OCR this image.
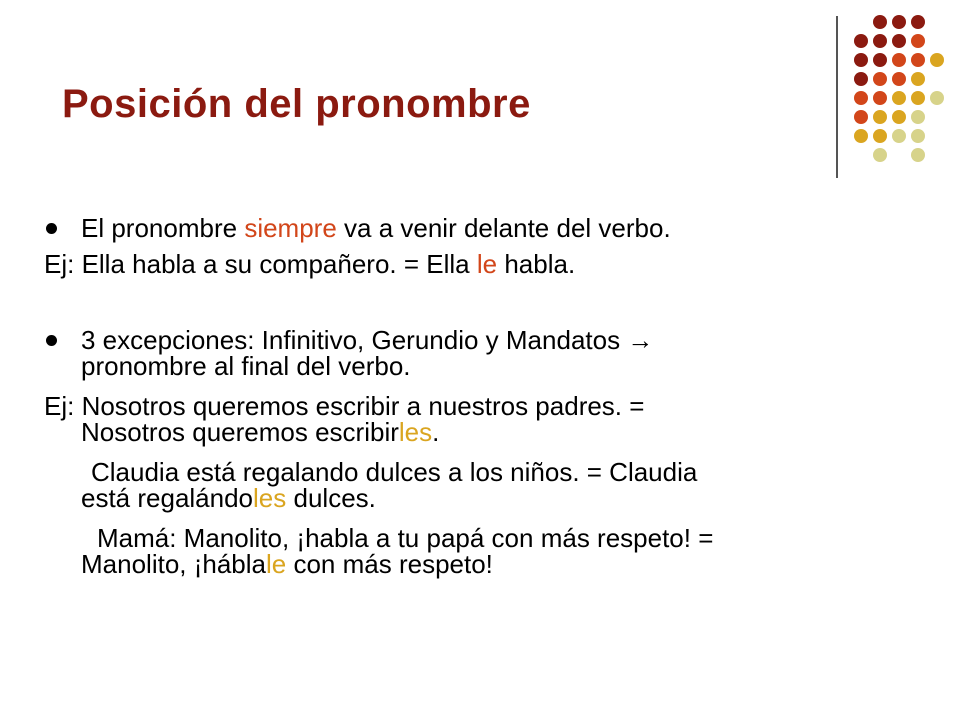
Posición del pronombre
El pronombre siempre va a venir delante del verbo.
Ej: Ella habla a su compañero. = Ella le habla.
3 excepciones: Infinitivo, Gerundio y Mandatos →
pronombre al final del verbo.
Ej: Nosotros queremos escribir a nuestros padres. =
Nosotros queremos escribirles.
Claudia está regalando dulces a los niños. = Claudia
está regalándoles dulces.
Mamá: Manolito, ¡habla a tu papá con más respeto! =
Manolito, ¡háblale con más respeto!
